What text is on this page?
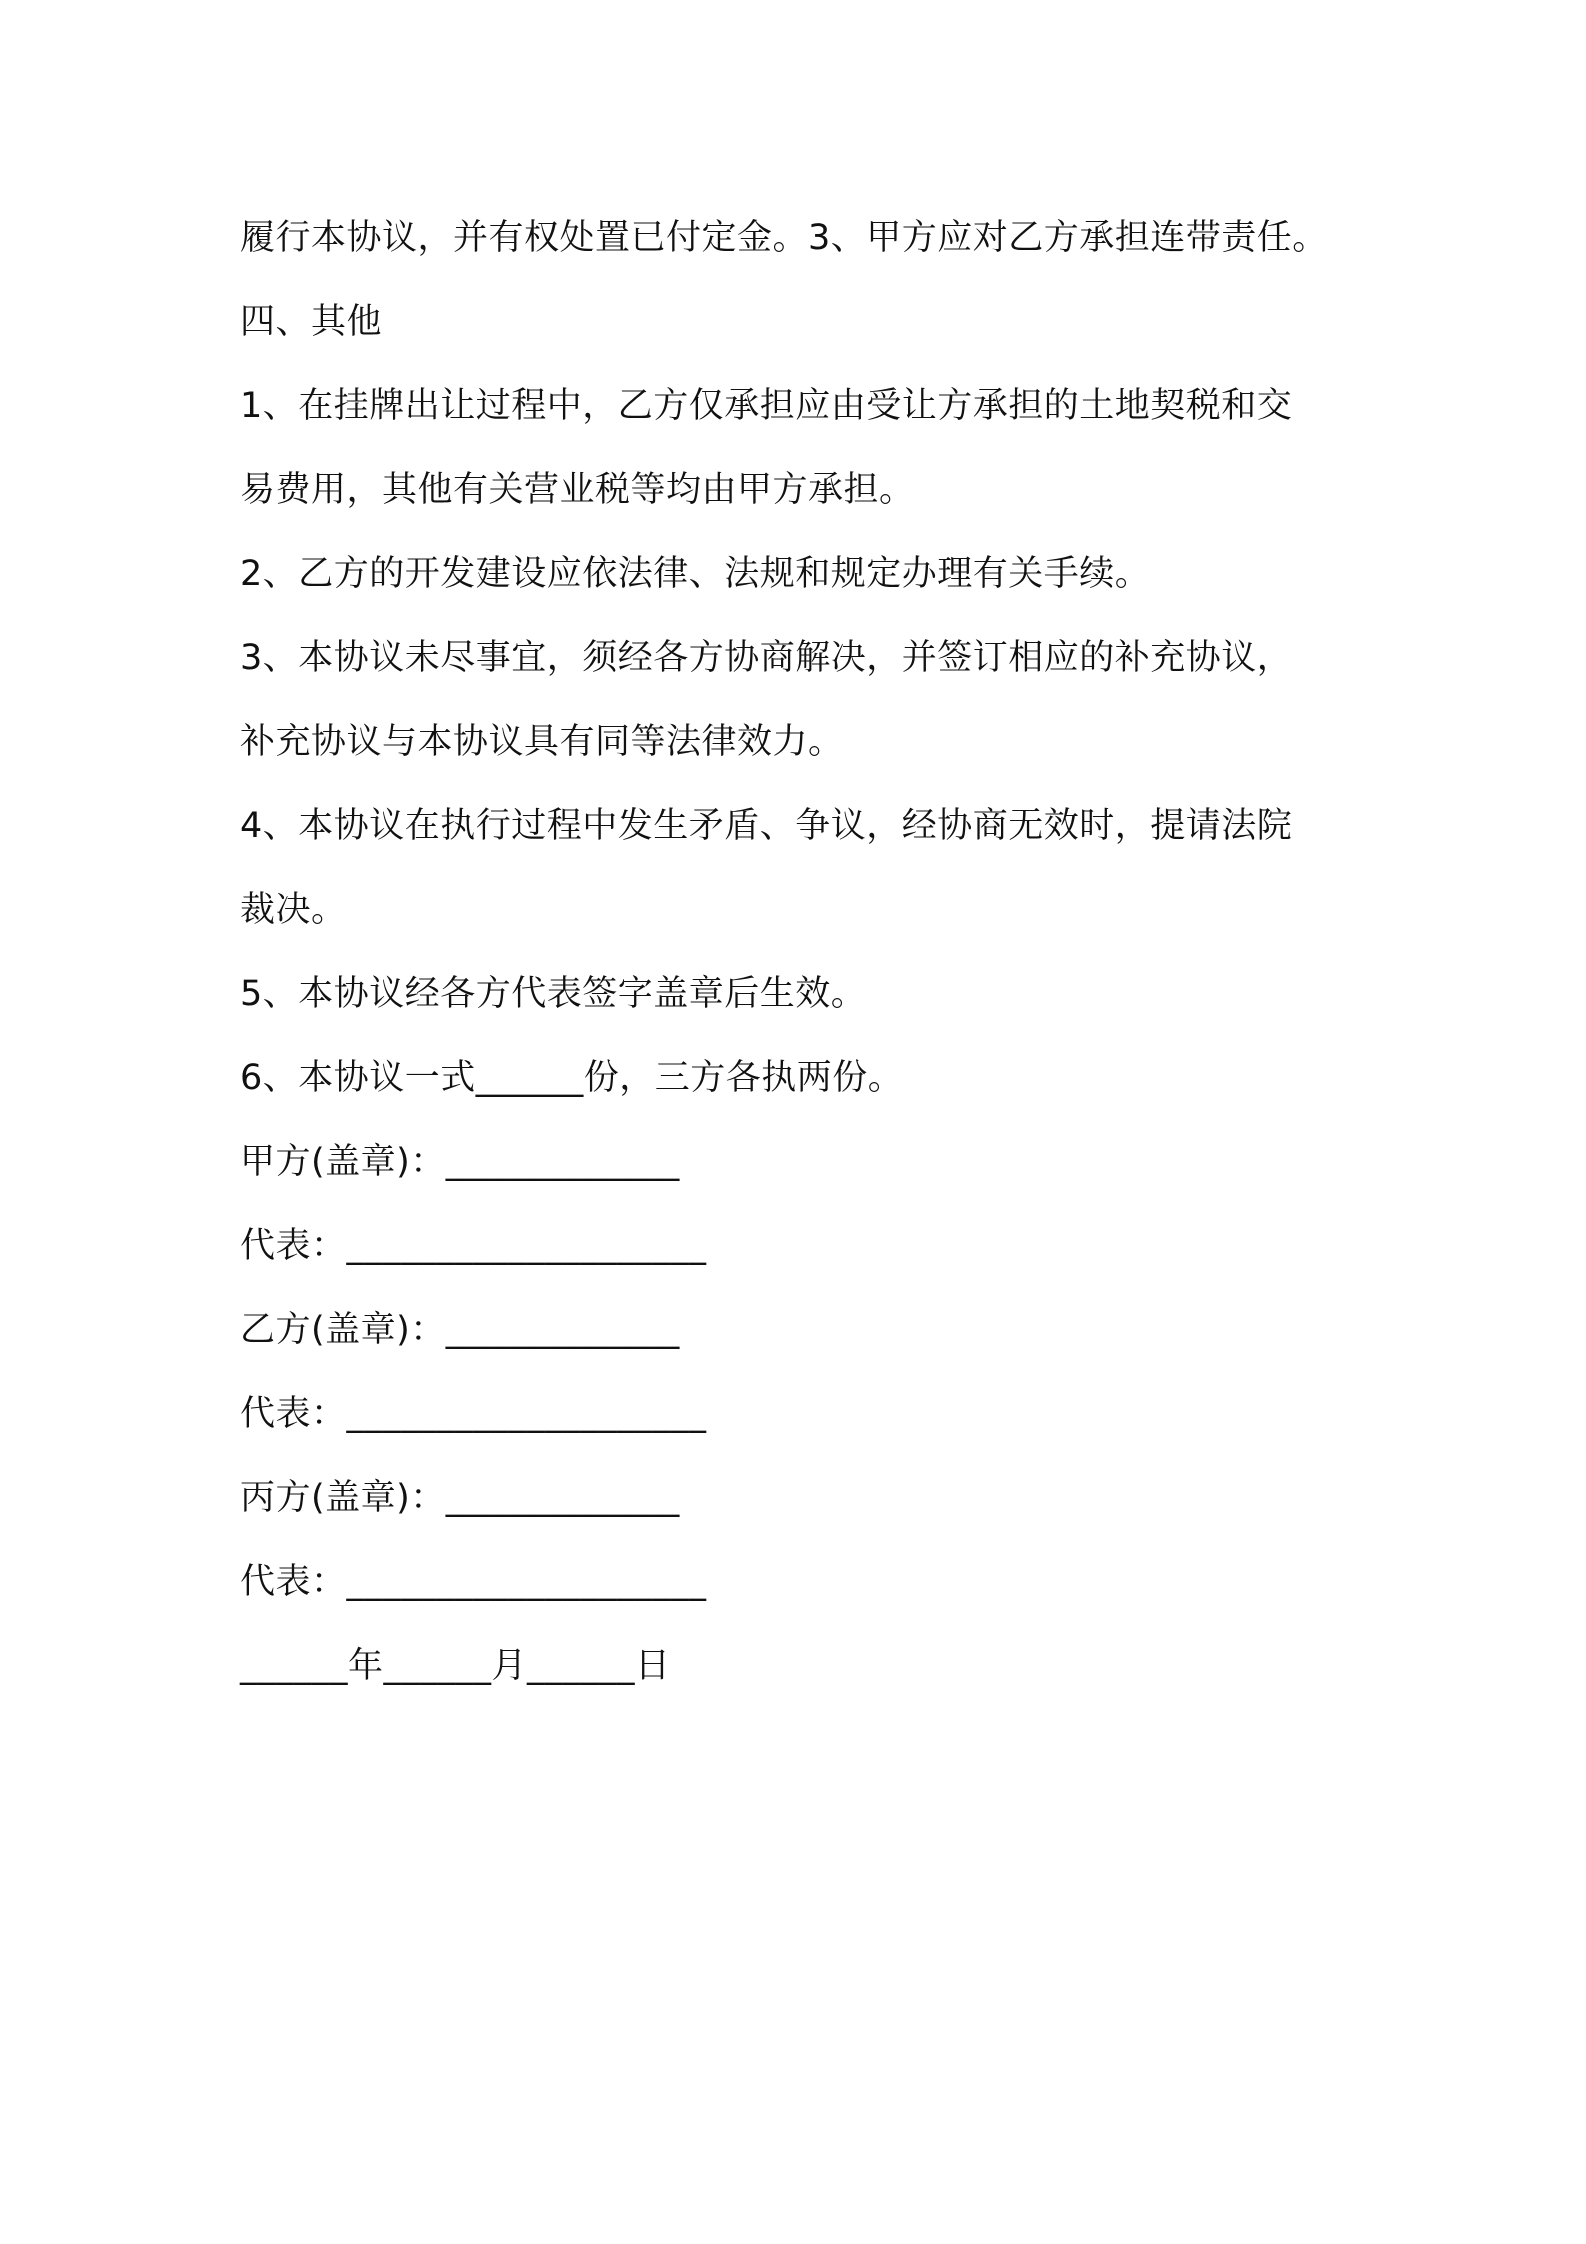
履行本协议，并有权处置已付定金。3、甲方应对乙方承担连带责任。
四、其他
1、在挂牌出让过程中，乙方仅承担应由受让方承担的土地契税和交
易费用，其他有关营业税等均由甲方承担。
2、乙方的开发建设应依法律、法规和规定办理有关手续。
3、本协议未尽事宜，须经各方协商解决，并签订相应的补充协议，
补充协议与本协议具有同等法律效力。
4、本协议在执行过程中发生矛盾、争议，经协商无效时，提请法院
裁决。
5、本协议经各方代表签字盖章后生效。
6、本协议一式______份，三方各执两份。
甲方(盖章)：_____________
代表：____________________
乙方(盖章)：_____________
代表：____________________
丙方(盖章)：_____________
代表：____________________
______年______月______日
